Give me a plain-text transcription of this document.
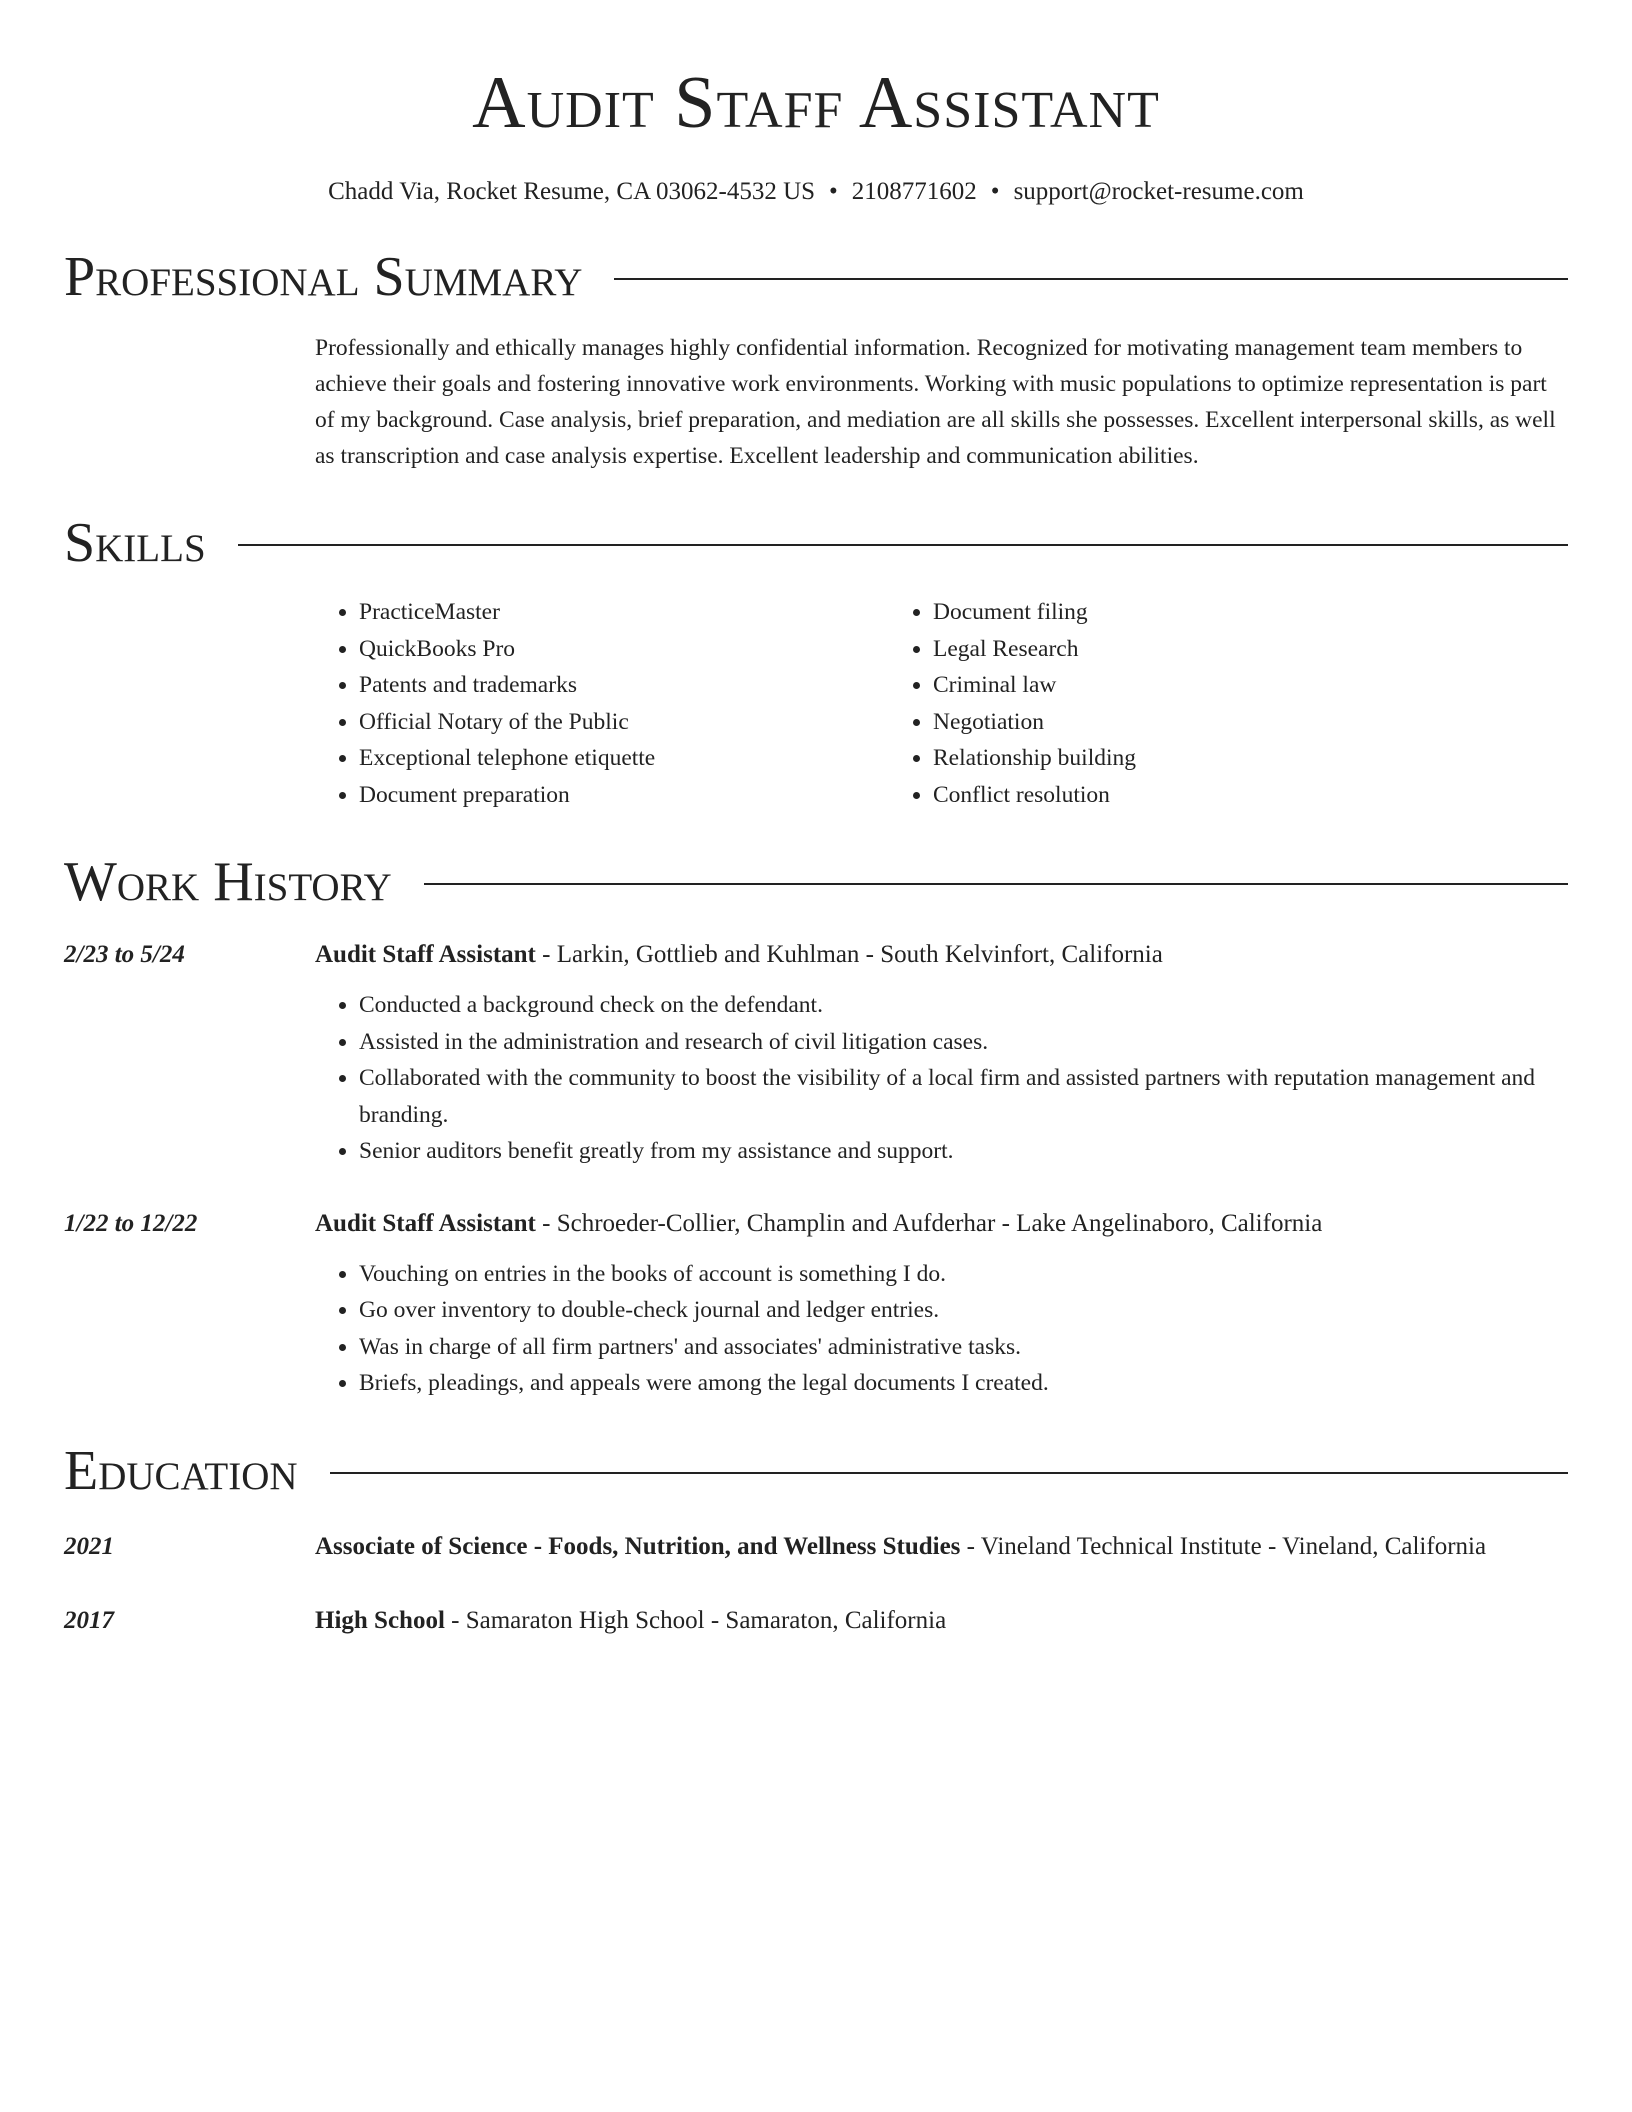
Audit Staff Assistant
Chadd Via, Rocket Resume, CA 03062-4532 US • 2108771602 • support@rocket-resume.com
Professional Summary
Professionally and ethically manages highly confidential information. Recognized for motivating management team members to achieve their goals and fostering innovative work environments. Working with music populations to optimize representation is part of my background. Case analysis, brief preparation, and mediation are all skills she possesses. Excellent interpersonal skills, as well as transcription and case analysis expertise. Excellent leadership and communication abilities.
Skills
• PracticeMaster
• QuickBooks Pro
• Patents and trademarks
• Official Notary of the Public
• Exceptional telephone etiquette
• Document preparation
• Document filing
• Legal Research
• Criminal law
• Negotiation
• Relationship building
• Conflict resolution
Work History
2/23 to 5/24	Audit Staff Assistant - Larkin, Gottlieb and Kuhlman - South Kelvinfort, California
• Conducted a background check on the defendant.
• Assisted in the administration and research of civil litigation cases.
• Collaborated with the community to boost the visibility of a local firm and assisted partners with reputation management and branding.
• Senior auditors benefit greatly from my assistance and support.
1/22 to 12/22	Audit Staff Assistant - Schroeder-Collier, Champlin and Aufderhar - Lake Angelinaboro, California
• Vouching on entries in the books of account is something I do.
• Go over inventory to double-check journal and ledger entries.
• Was in charge of all firm partners' and associates' administrative tasks.
• Briefs, pleadings, and appeals were among the legal documents I created.
Education
2021	Associate of Science - Foods, Nutrition, and Wellness Studies - Vineland Technical Institute - Vineland, California
2017	High School - Samaraton High School - Samaraton, California
